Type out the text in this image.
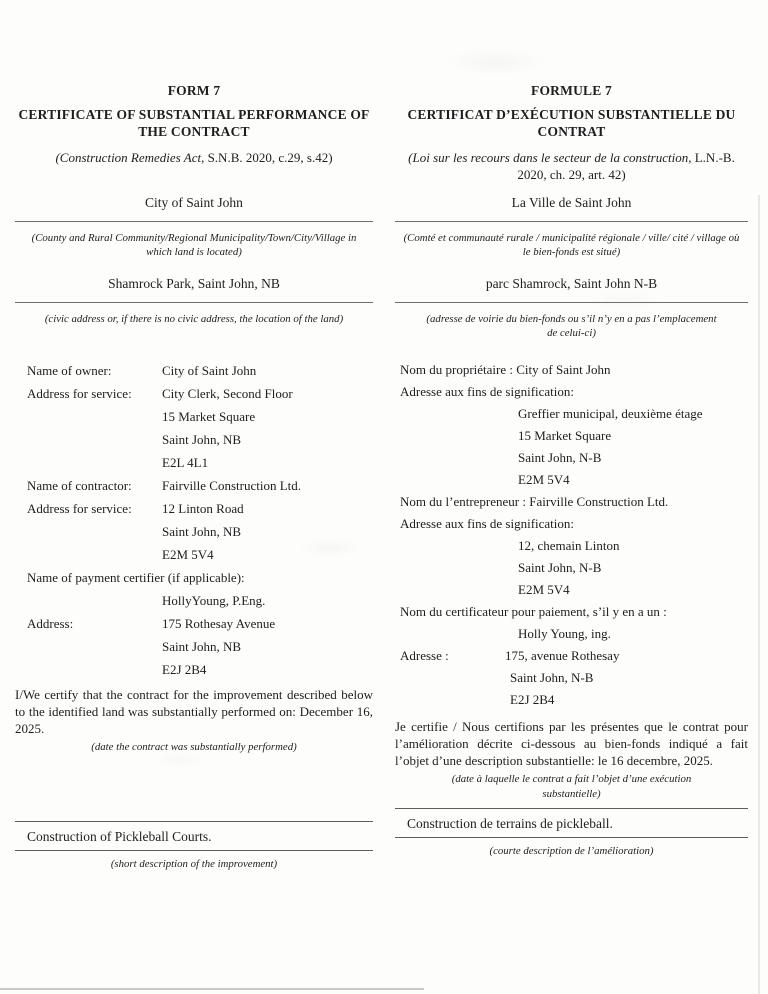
FORM 7
CERTIFICATE OF SUBSTANTIAL PERFORMANCE OF THE CONTRACT
(Construction Remedies Act, S.N.B. 2020, c.29, s.42)
City of Saint John
(County and Rural Community/Regional Municipality/Town/City/Village in which land is located)
Shamrock Park, Saint John, NB
(civic address or, if there is no civic address, the location of the land)
Name of owner:	City of Saint John
Address for service:	City Clerk, Second Floor
15 Market Square
Saint John, NB
E2L 4L1
Name of contractor:	Fairville Construction Ltd.
Address for service:	12 Linton Road
Saint John, NB
E2M 5V4
Name of payment certifier (if applicable):
HollyYoung, P.Eng.
Address:	175 Rothesay Avenue
Saint John, NB
E2J 2B4
I/We certify that the contract for the improvement described below to the identified land was substantially performed on: December 16, 2025.
(date the contract was substantially performed)
Construction of Pickleball Courts.
(short description of the improvement)
FORMULE 7
CERTIFICAT D’EXÉCUTION SUBSTANTIELLE DU CONTRAT
(Loi sur les recours dans le secteur de la construction, L.N.-B. 2020, ch. 29, art. 42)
La Ville de Saint John
(Comté et communauté rurale / municipalité régionale / ville/ cité / village où le bien-fonds est situé)
parc Shamrock, Saint John N-B
(adresse de voirie du bien-fonds ou s’il n’y en a pas l’emplacement de celui-ci)
Nom du propriétaire : City of Saint John
Adresse aux fins de signification:
Greffier municipal, deuxième étage
15 Market Square
Saint John, N-B
E2M 5V4
Nom du l’entrepreneur : Fairville Construction Ltd.
Adresse aux fins de signification:
12, chemain Linton
Saint John, N-B
E2M 5V4
Nom du certificateur pour paiement, s’il y en a un :
Holly Young, ing.
Adresse :	175, avenue Rothesay
Saint John, N-B
E2J 2B4
Je certifie / Nous certifions par les présentes que le contrat pour l’amélioration décrite ci-dessous au bien-fonds indiqué a fait l’objet d’une description substantielle: le 16 decembre, 2025.
(date à laquelle le contrat a fait l’objet d’une exécution substantielle)
Construction de terrains de pickleball.
(courte description de l’amélioration)
